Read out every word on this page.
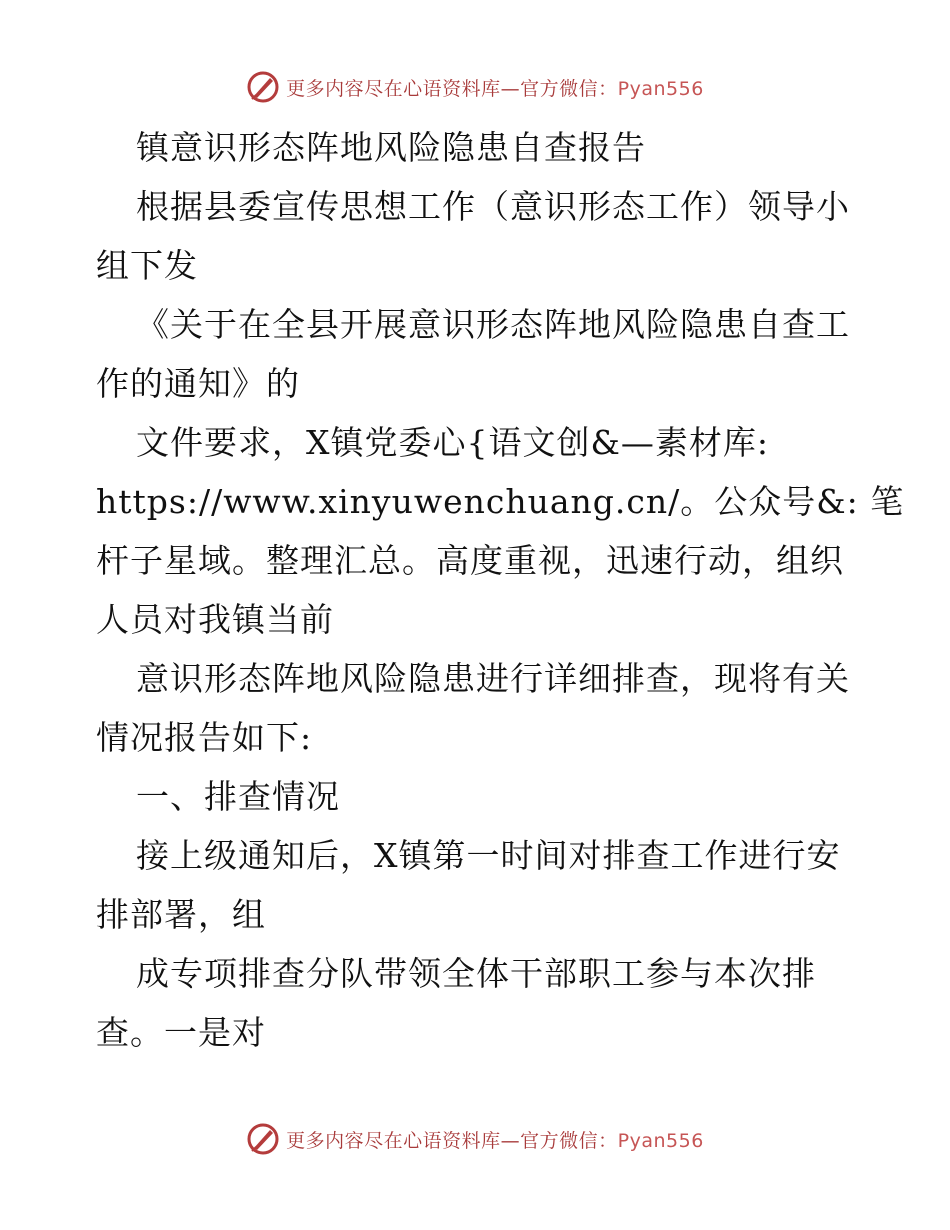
更多内容尽在心语资料库—官方微信：Pyan556
镇意识形态阵地风险隐患自查报告
根据县委宣传思想工作（意识形态工作）领导小
组下发
《关于在全县开展意识形态阵地风险隐患自查工
作的通知》的
文件要求，X镇党委心{语文创&—素材库:
https://www.xinyuwenchuang.cn/。公众号&: 笔
杆子星域。整理汇总。高度重视，迅速行动，组织
人员对我镇当前
意识形态阵地风险隐患进行详细排查，现将有关
情况报告如下:
一、排查情况
接上级通知后，X镇第一时间对排查工作进行安
排部署，组
成专项排查分队带领全体干部职工参与本次排
查。一是对
更多内容尽在心语资料库—官方微信：Pyan556
